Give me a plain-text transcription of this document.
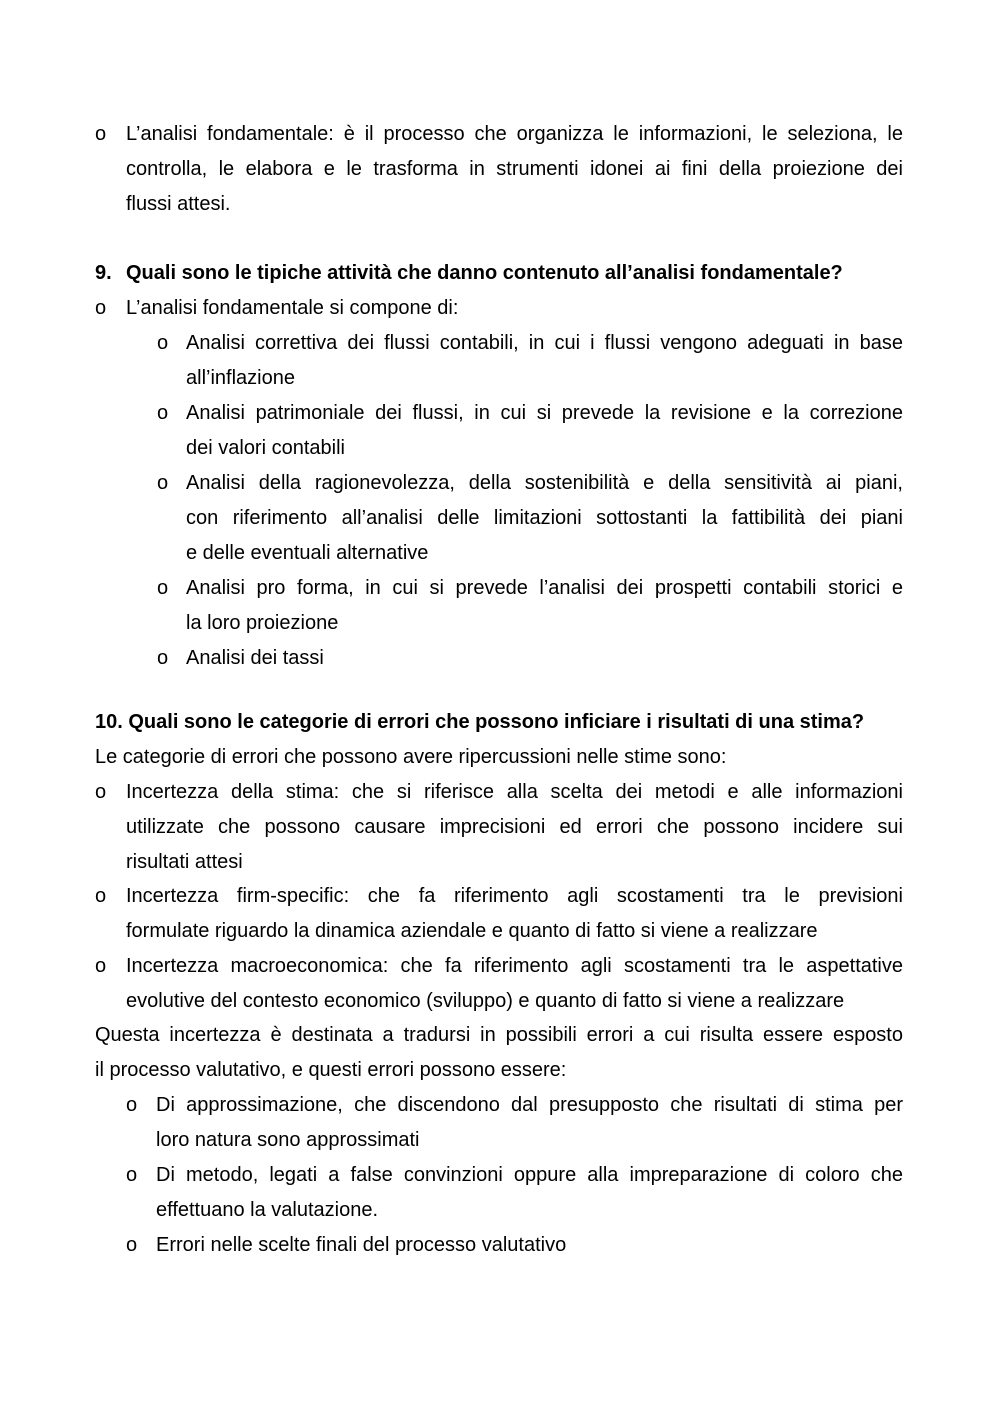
o L’analisi fondamentale: è il processo che organizza le informazioni, le seleziona, le
controlla, le elabora e le trasforma in strumenti idonei ai fini della proiezione dei
flussi attesi.
9. Quali sono le tipiche attività che danno contenuto all’analisi fondamentale?
o L’analisi fondamentale si compone di:
o Analisi correttiva dei flussi contabili, in cui i flussi vengono adeguati in base
all’inflazione
o Analisi patrimoniale dei flussi, in cui si prevede la revisione e la correzione
dei valori contabili
o Analisi della ragionevolezza, della sostenibilità e della sensitività ai piani,
con riferimento all’analisi delle limitazioni sottostanti la fattibilità dei piani
e delle eventuali alternative
o Analisi pro forma, in cui si prevede l’analisi dei prospetti contabili storici e
la loro proiezione
o Analisi dei tassi
10. Quali sono le categorie di errori che possono inficiare i risultati di una stima?
Le categorie di errori che possono avere ripercussioni nelle stime sono:
o Incertezza della stima: che si riferisce alla scelta dei metodi e alle informazioni
utilizzate che possono causare imprecisioni ed errori che possono incidere sui
risultati attesi
o Incertezza firm-specific: che fa riferimento agli scostamenti tra le previsioni
formulate riguardo la dinamica aziendale e quanto di fatto si viene a realizzare
o Incertezza macroeconomica: che fa riferimento agli scostamenti tra le aspettative
evolutive del contesto economico (sviluppo) e quanto di fatto si viene a realizzare
Questa incertezza è destinata a tradursi in possibili errori a cui risulta essere esposto
il processo valutativo, e questi errori possono essere:
o Di approssimazione, che discendono dal presupposto che risultati di stima per
loro natura sono approssimati
o Di metodo, legati a false convinzioni oppure alla impreparazione di coloro che
effettuano la valutazione.
o Errori nelle scelte finali del processo valutativo
